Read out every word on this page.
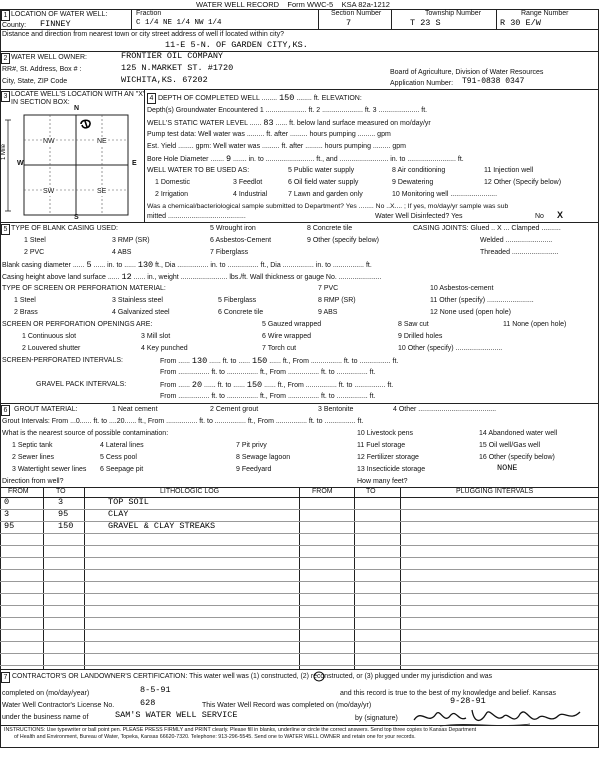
WATER WELL RECORD Form WWC-5 KSA 82a-1212
1 LOCATION OF WATER WELL:
County: FINNEY
Fraction
C 1/4 NE 1/4 NW 1/4
Section Number
7
Township Number
T 23 S
Range Number
R 30 E/W
Distance and direction from nearest town or city street address of well if located within city?
11-E 5-N. OF GARDEN CITY,KS.
2 WATER WELL OWNER:	FRONTIER OIL COMPANY
RR#, St. Address, Box # :	125 N.MARKET ST. #1720
City, State, ZIP Code	WICHITA,KS. 67202
Board of Agriculture, Division of Water Resources
Application Number: T91-0838 0347
3 LOCATE WELL'S LOCATION WITH AN "X" IN SECTION BOX:
N
S
W	E
NW	NE
SW	SE
1 Mile
4 DEPTH OF COMPLETED WELL ........ 150 ........ ft. ELEVATION:
Depth(s) Groundwater Encountered 1 ..................... ft. 2 ..................... ft. 3 ..................... ft.
WELL'S STATIC WATER LEVEL ...... 83 ...... ft. below land surface measured on mo/day/yr
Pump test data: Well water was ......... ft. after ......... hours pumping ......... gpm
Est. Yield ........ gpm: Well water was ......... ft. after ......... hours pumping ......... gpm
Bore Hole Diameter ....... 9 ....... in. to ......................... ft., and ......................... in. to ......................... ft.
WELL WATER TO BE USED AS:	5 Public water supply	8 Air conditioning	11 Injection well
1 Domestic	3 Feedlot	6 Oil field water supply	9 Dewatering	12 Other (Specify below)
2 Irrigation	4 Industrial	7 Lawn and garden only	10 Monitoring well ........................
Was a chemical/bacteriological sample submitted to Department? Yes ........ No ..X.... ; If yes, mo/day/yr sample was sub
mitted ........................................	Water Well Disinfected? Yes	No X
5 TYPE OF BLANK CASING USED:	5 Wrought iron	8 Concrete tile	CASING JOINTS: Glued .. X ... Clamped ..........
1 Steel	3 RMP (SR)	6 Asbestos-Cement	9 Other (specify below)	Welded ........................
2 PVC	4 ABS	7 Fiberglass	Threaded ........................
Blank casing diameter ...... 5 ...... in. to ...... 130 ft., Dia ................ in. to ................ ft., Dia ................ in. to ................ ft.
Casing height above land surface ...... 12 ...... in., weight ........................ lbs./ft. Wall thickness or gauge No. ......................
TYPE OF SCREEN OR PERFORATION MATERIAL:	7 PVC	10 Asbestos-cement
1 Steel	3 Stainless steel	5 Fiberglass	8 RMP (SR)	11 Other (specify) ........................
2 Brass	4 Galvanized steel	6 Concrete tile	9 ABS	12 None used (open hole)
SCREEN OR PERFORATION OPENINGS ARE:	5 Gauzed wrapped	8 Saw cut	11 None (open hole)
1 Continuous slot	3 Mill slot	6 Wire wrapped	9 Drilled holes
2 Louvered shutter	4 Key punched	7 Torch cut	10 Other (specify) ........................
SCREEN-PERFORATED INTERVALS:	From ...... 130 ...... ft. to ...... 150 ...... ft., From ................ ft. to ................ ft.
From ................ ft. to ................ ft., From ................ ft. to ................ ft.
GRAVEL PACK INTERVALS:	From ...... 20 ...... ft. to ...... 150 ...... ft., From ................ ft. to ................ ft.
From ................ ft. to ................ ft., From ................ ft. to ................ ft.
6 GROUT MATERIAL:	1 Neat cement	2 Cement grout	3 Bentonite	4 Other ........................................
Grout Intervals: From ...0...... ft. to ....20...... ft., From ................ ft. to ................ ft., From ................ ft. to ................ ft.
What is the nearest source of possible contamination:	10 Livestock pens	14 Abandoned water well
1 Septic tank	4 Lateral lines	7 Pit privy	11 Fuel storage	15 Oil well/Gas well
2 Sewer lines	5 Cess pool	8 Sewage lagoon	12 Fertilizer storage	16 Other (specify below)
3 Watertight sewer lines 6 Seepage pit	9 Feedyard	13 Insecticide storage	NONE
Direction from well?	How many feet?
FROM	TO	LITHOLOGIC LOG	FROM	TO	PLUGGING INTERVALS
0	3	TOP SOIL
3	95	CLAY
95	150	GRAVEL & CLAY STREAKS
7 CONTRACTOR'S OR LANDOWNER'S CERTIFICATION: This water well was (1) constructed, (2) reconstructed, or (3) plugged under my jurisdiction and was
completed on (mo/day/year)	8-5-91	and this record is true to the best of my knowledge and belief. Kansas
Water Well Contractor's License No.	628	This Water Well Record was completed on (mo/day/yr)	9-28-91
under the business name of	SAM'S WATER WELL SERVICE	by (signature)
INSTRUCTIONS: Use typewriter or ball point pen. PLEASE PRESS FIRMLY and PRINT clearly. Please fill in blanks, underline or circle the correct answers. Send top three copies to Kansas Department
of Health and Environment, Bureau of Water, Topeka, Kansas 66620-7320. Telephone: 913-296-5545. Send one to WATER WELL OWNER and retain one for your records.
